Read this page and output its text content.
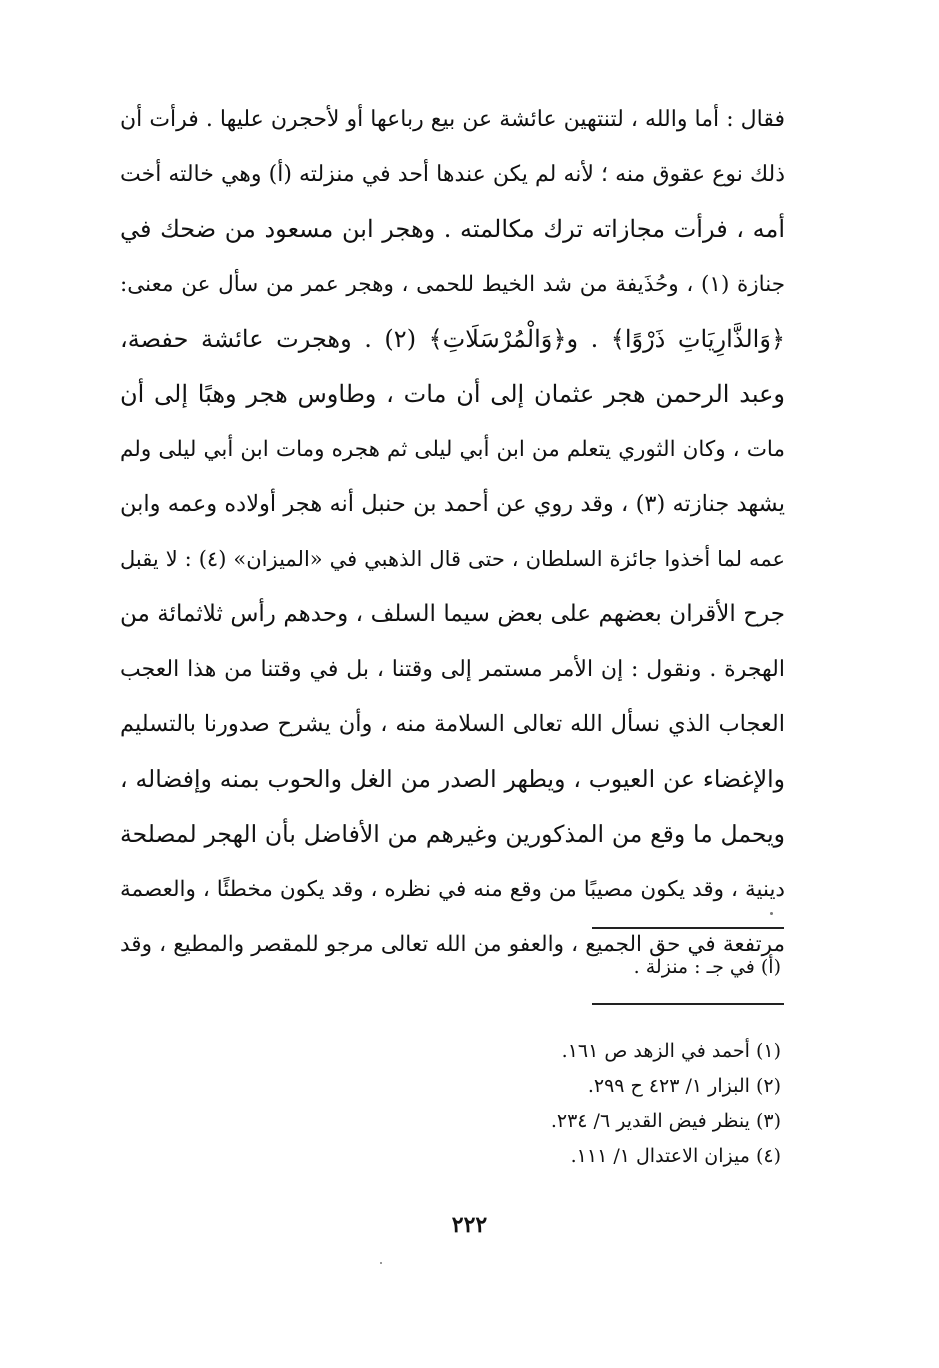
فقال : أما والله ، لتنتهين عائشة عن بيع رباعها أو لأحجرن عليها . فرأت أن
ذلك نوع عقوق منه ؛ لأنه لم يكن عندها أحد في منزلته (أ) وهي خالته أخت
أمه ، فرأت مجازاته ترك مكالمته . وهجر ابن مسعود من ضحك في
جنازة (١) ، وحُذَيفة من شد الخيط للحمى ، وهجر عمر من سأل عن معنى:
﴿وَالذَّارِيَاتِ ذَرْوًا﴾ . و﴿وَالْمُرْسَلَاتِ﴾ (٢) . وهجرت عائشة حفصة،
وعبد الرحمن هجر عثمان إلى أن مات ، وطاوس هجر وهبًا إلى أن
مات ، وكان الثوري يتعلم من ابن أبي ليلى ثم هجره ومات ابن أبي ليلى ولم
يشهد جنازته (٣) ، وقد روي عن أحمد بن حنبل أنه هجر أولاده وعمه وابن
عمه لما أخذوا جائزة السلطان ، حتى قال الذهبي في «الميزان» (٤) : لا يقبل
جرح الأقران بعضهم على بعض سيما السلف ، وحدهم رأس ثلاثمائة من
الهجرة . ونقول : إن الأمر مستمر إلى وقتنا ، بل في وقتنا من هذا العجب
العجاب الذي نسأل الله تعالى السلامة منه ، وأن يشرح صدورنا بالتسليم
والإغضاء عن العيوب ، ويطهر الصدر من الغل والحوب بمنه وإفضاله ،
ويحمل ما وقع من المذكورين وغيرهم من الأفاضل بأن الهجر لمصلحة
دينية ، وقد يكون مصيبًا من وقع منه في نظره ، وقد يكون مخطئًا ، والعصمة
مرتفعة في حق الجميع ، والعفو من الله تعالى مرجو للمقصر والمطيع ، وقد
(أ) في جـ : منزلة .
(١) أحمد في الزهد ص ١٦١.
(٢) البزار ١/ ٤٢٣ ح ٢٩٩.
(٣) ينظر فيض القدير ٦/ ٢٣٤.
(٤) ميزان الاعتدال ١/ ١١١.
٢٢٢
